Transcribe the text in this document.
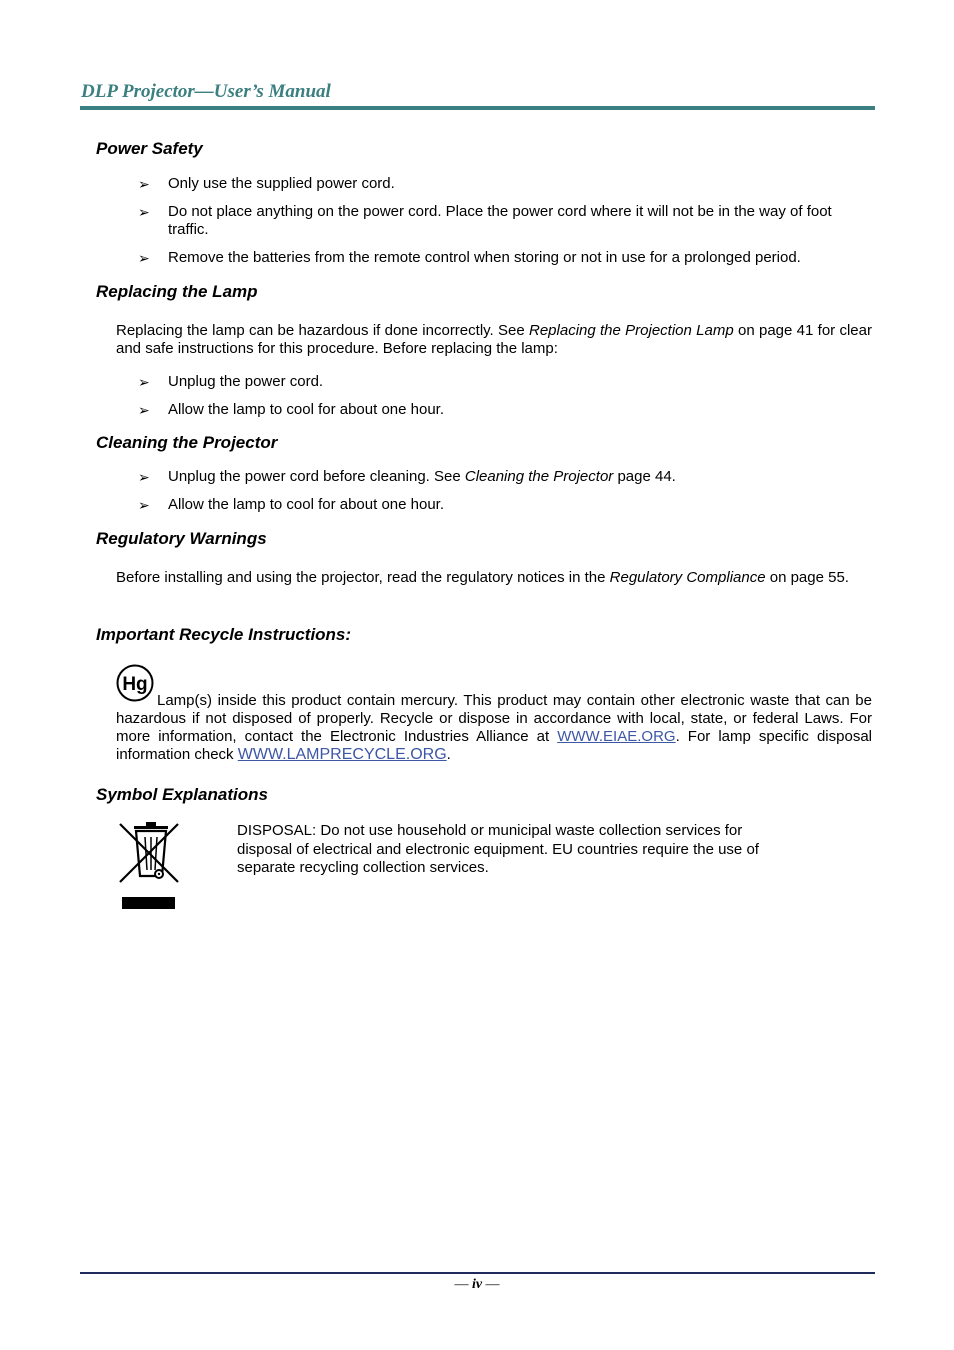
DLP Projector—User’s Manual
Power Safety
➢ Only use the supplied power cord.
➢ Do not place anything on the power cord. Place the power cord where it will not be in the way of foot traffic.
➢ Remove the batteries from the remote control when storing or not in use for a prolonged period.
Replacing the Lamp
Replacing the lamp can be hazardous if done incorrectly. See Replacing the Projection Lamp on page 41 for clear and safe instructions for this procedure. Before replacing the lamp:
➢ Unplug the power cord.
➢ Allow the lamp to cool for about one hour.
Cleaning the Projector
➢ Unplug the power cord before cleaning. See Cleaning the Projector page 44.
➢ Allow the lamp to cool for about one hour.
Regulatory Warnings
Before installing and using the projector, read the regulatory notices in the Regulatory Compliance on page 55.
Important Recycle Instructions:
Hg
Lamp(s) inside this product contain mercury. This product may contain other electronic waste that can be hazardous if not disposed of properly. Recycle or dispose in accordance with local, state, or federal Laws. For more information, contact the Electronic Industries Alliance at WWW.EIAE.ORG. For lamp specific disposal information check WWW.LAMPRECYCLE.ORG.
Symbol Explanations
DISPOSAL: Do not use household or municipal waste collection services for disposal of electrical and electronic equipment. EU countries require the use of separate recycling collection services.
— iv —
